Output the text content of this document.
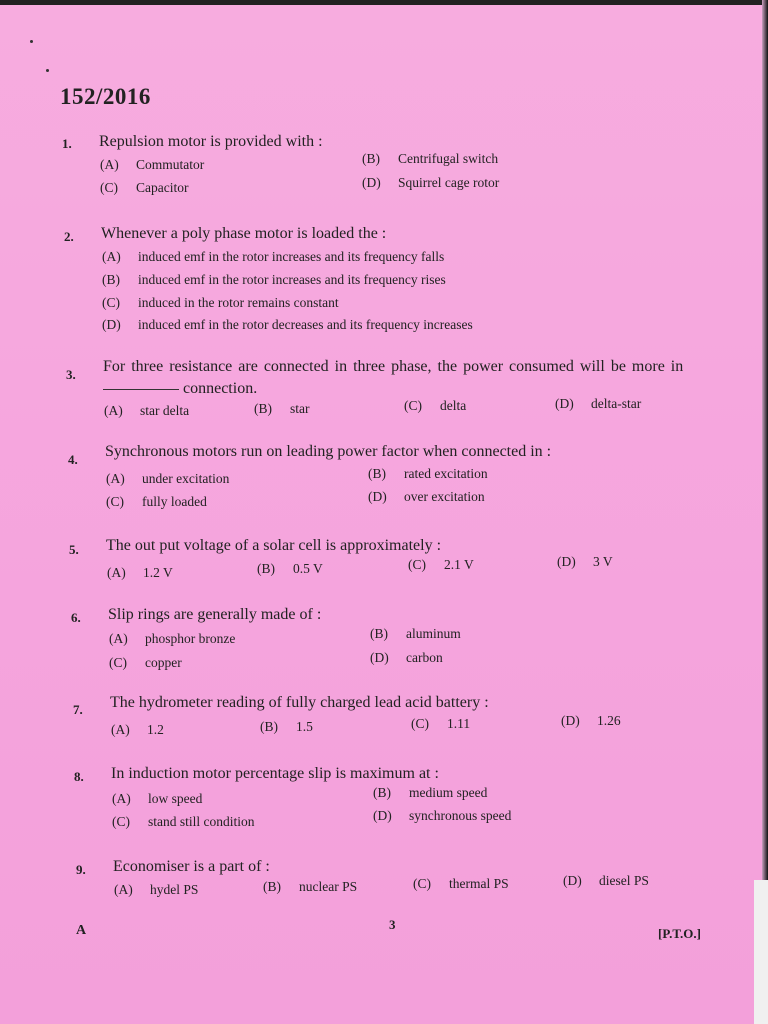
152/2016
1. Repulsion motor is provided with :
(A) Commutator	(B) Centrifugal switch
(C) Capacitor	(D) Squirrel cage rotor
2. Whenever a poly phase motor is loaded the :
(A) induced emf in the rotor increases and its frequency falls
(B) induced emf in the rotor increases and its frequency rises
(C) induced in the rotor remains constant
(D) induced emf in the rotor decreases and its frequency increases
3. For three resistance are connected in three phase, the power consumed will be more in
connection.
(A) star delta	(B) star	(C) delta	(D) delta-star
4. Synchronous motors run on leading power factor when connected in :
(A) under excitation	(B) rated excitation
(C) fully loaded	(D) over excitation
5. The out put voltage of a solar cell is approximately :
(A) 1.2 V	(B) 0.5 V	(C) 2.1 V	(D) 3 V
6. Slip rings are generally made of :
(A) phosphor bronze	(B) aluminum
(C) copper	(D) carbon
7. The hydrometer reading of fully charged lead acid battery :
(A) 1.2	(B) 1.5	(C) 1.11	(D) 1.26
8. In induction motor percentage slip is maximum at :
(A) low speed	(B) medium speed
(C) stand still condition	(D) synchronous speed
9. Economiser is a part of :
(A) hydel PS	(B) nuclear PS	(C) thermal PS	(D) diesel PS
A	3
[P.T.O.]
